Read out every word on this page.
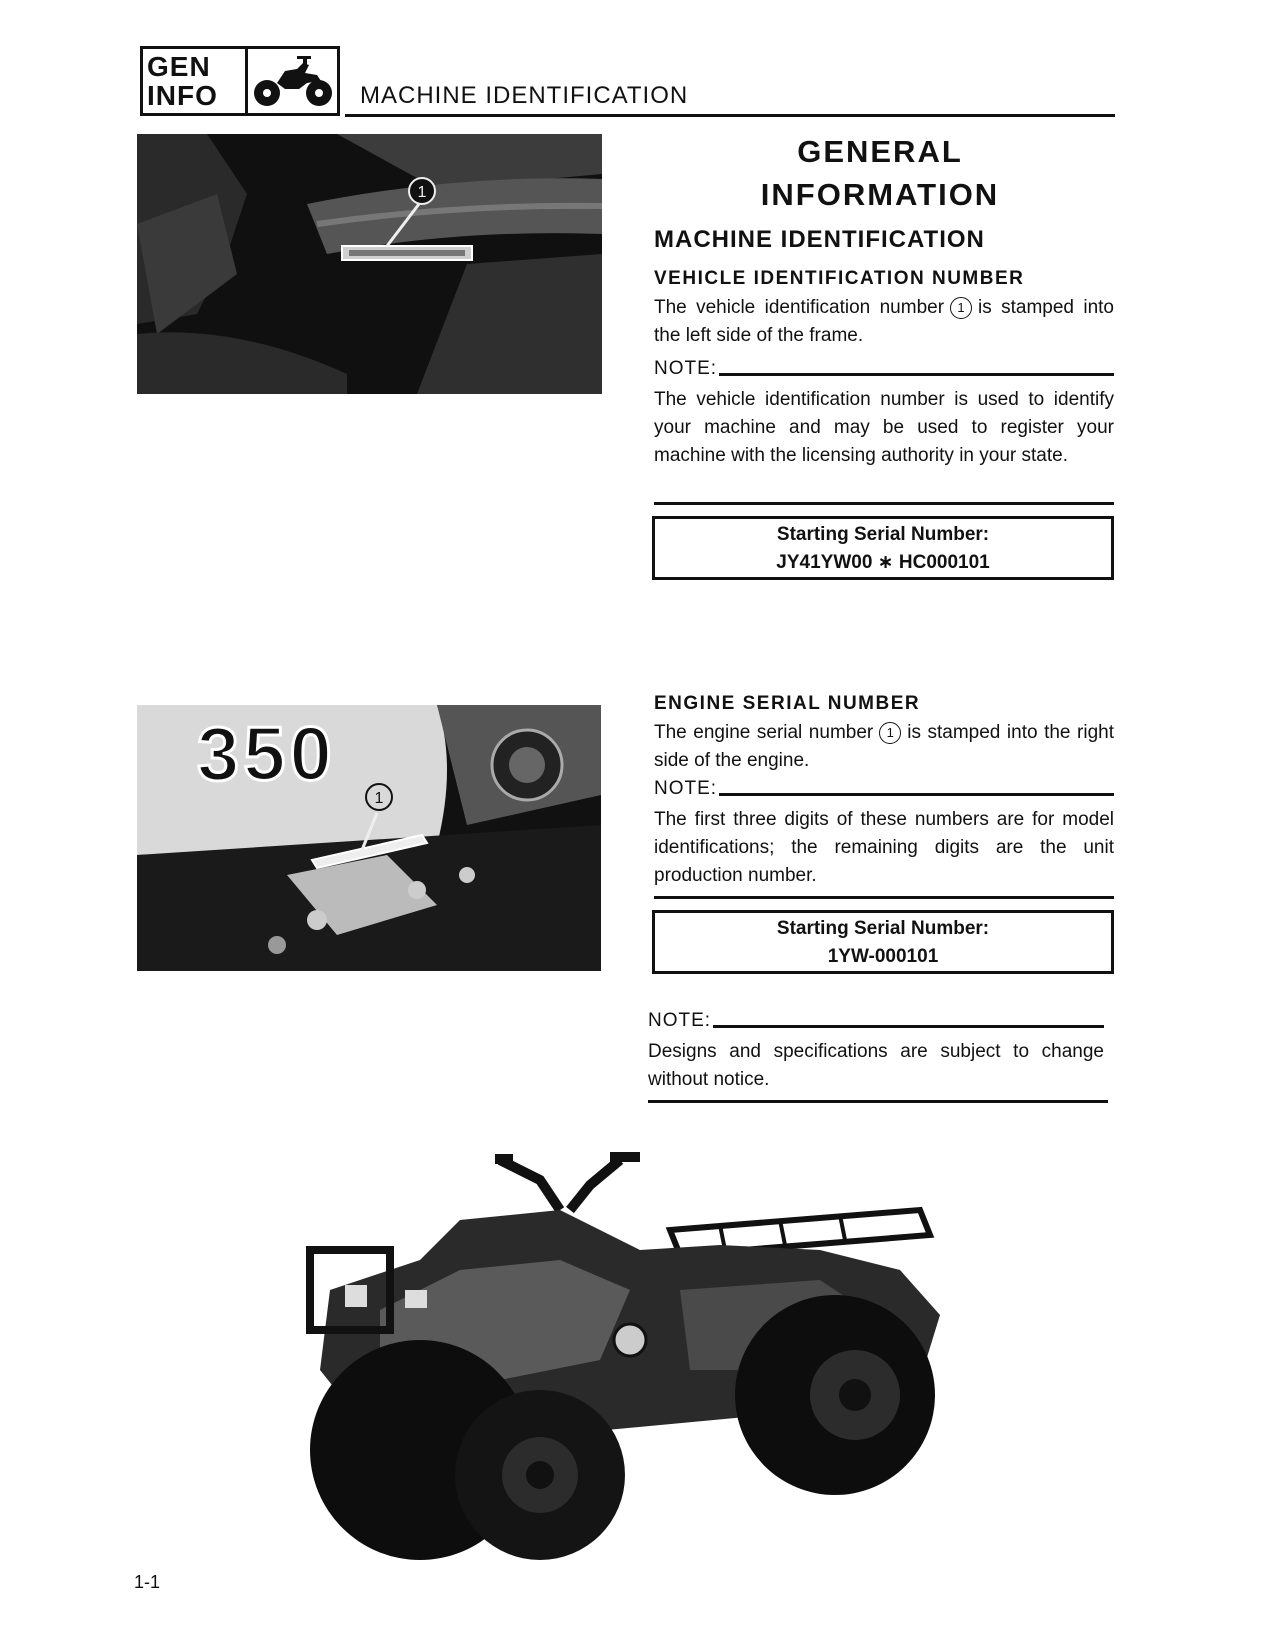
GEN
INFO	MACHINE IDENTIFICATION
1
350
1
GENERAL
INFORMATION
MACHINE IDENTIFICATION
VEHICLE IDENTIFICATION NUMBER
The vehicle identification number 1 is stamped into the left side of the frame.
NOTE:
The vehicle identification number is used to identify your machine and may be used to register your machine with the licensing authority in your state.
Starting Serial Number:
JY41YW00 ∗ HC000101
ENGINE SERIAL NUMBER
The engine serial number 1 is stamped into the right side of the engine.
NOTE:
The first three digits of these numbers are for model identifications; the remaining digits are the unit production number.
Starting Serial Number:
1YW-000101
NOTE:
Designs and specifications are subject to change without notice.
1-1
